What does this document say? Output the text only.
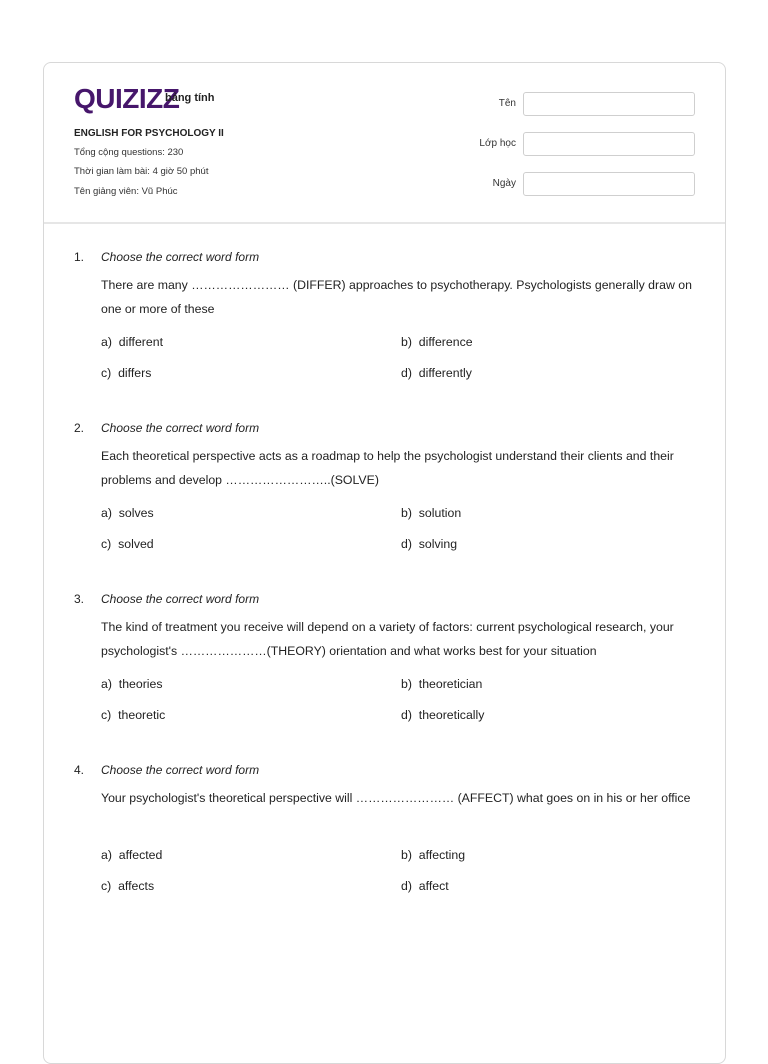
QUIZIZZ
bảng tính
ENGLISH FOR PSYCHOLOGY II
Tổng cộng questions: 230
Thời gian làm bài: 4 giờ 50 phút
Tên giảng viên: Vũ Phúc
Tên
Lớp học
Ngày
1. Choose the correct word form
There are many …………………… (DIFFER) approaches to psychotherapy. Psychologists generally draw on one or more of these
a) different	b) difference
c) differs	d) differently
2. Choose the correct word form
Each theoretical perspective acts as a roadmap to help the psychologist understand their clients and their problems and develop ……………………..(SOLVE)
a) solves	b) solution
c) solved	d) solving
3. Choose the correct word form
The kind of treatment you receive will depend on a variety of factors: current psychological research, your psychologist's …………………(THEORY) orientation and what works best for your situation
a) theories	b) theoretician
c) theoretic	d) theoretically
4. Choose the correct word form
Your psychologist's theoretical perspective will …………………… (AFFECT) what goes on in his or her office
a) affected	b) affecting
c) affects	d) affect
